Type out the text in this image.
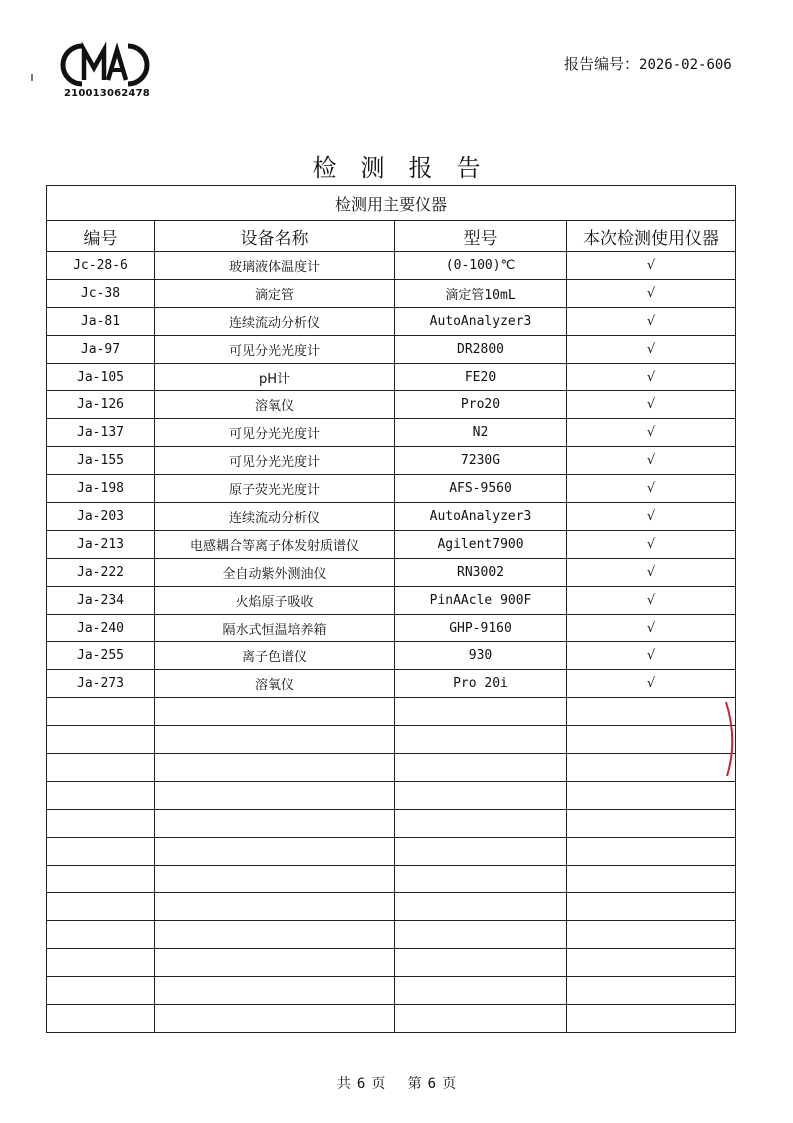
210013062478
报告编号：2026-02-606
检测报告
检测用主要仪器			
编号	设备名称	型号	本次检测使用仪器
Jc-28-6	玻璃液体温度计	(0-100)℃	√
Jc-38	滴定管	滴定管10mL	√
Ja-81	连续流动分析仪	AutoAnalyzer3	√
Ja-97	可见分光光度计	DR2800	√
Ja-105	pH计	FE20	√
Ja-126	溶氧仪	Pro20	√
Ja-137	可见分光光度计	N2	√
Ja-155	可见分光光度计	7230G	√
Ja-198	原子荧光光度计	AFS-9560	√
Ja-203	连续流动分析仪	AutoAnalyzer3	√
Ja-213	电感耦合等离子体发射质谱仪	Agilent7900	√
Ja-222	全自动紫外测油仪	RN3002	√
Ja-234	火焰原子吸收	PinAAcle 900F	√
Ja-240	隔水式恒温培养箱	GHP-9160	√
Ja-255	离子色谱仪	930	√
Ja-273	溶氧仪	Pro 20i	√

共 6 页 第 6 页
